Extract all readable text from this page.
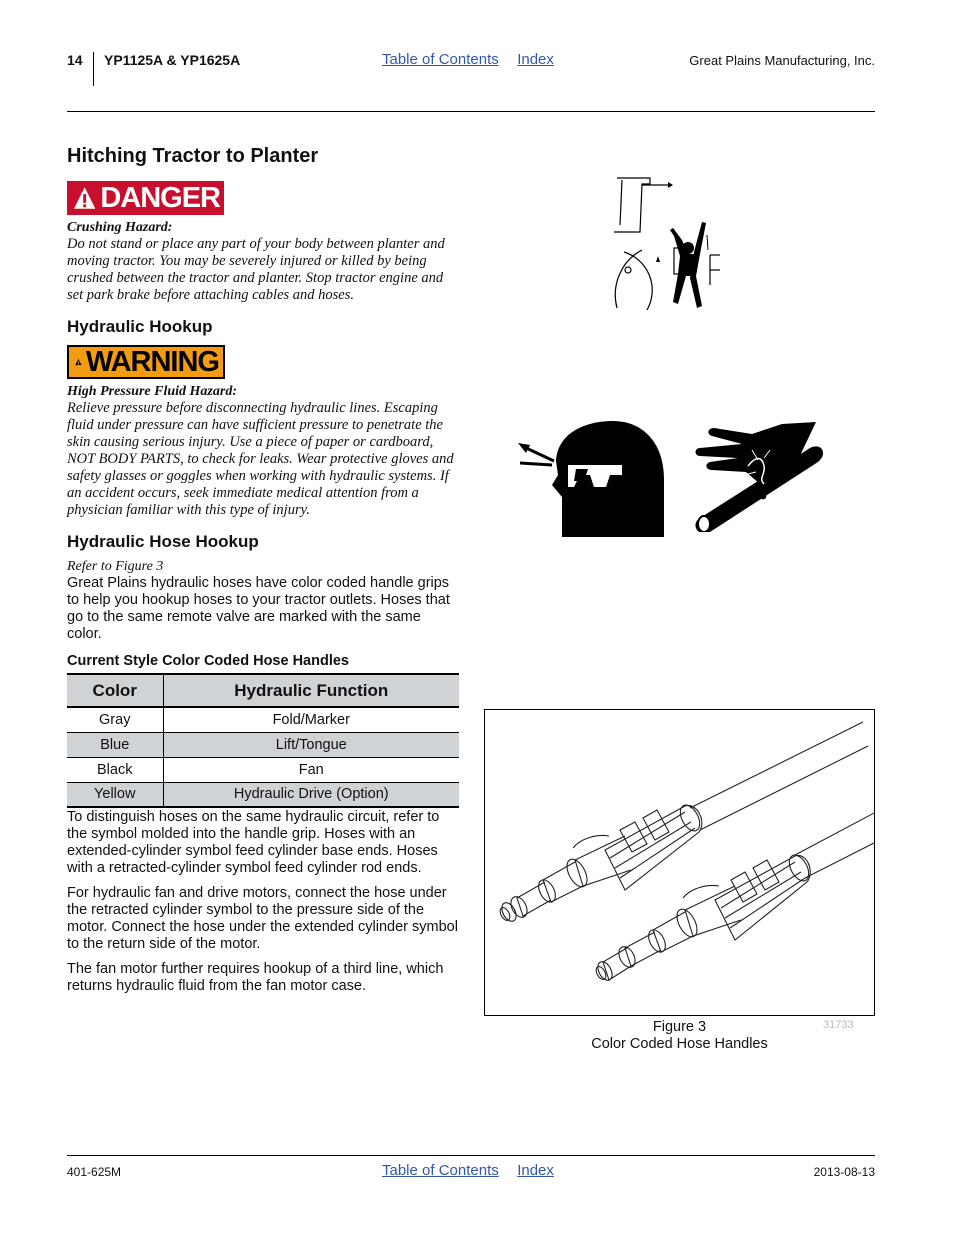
14 YP1125A & YP1625A	Table of Contents Index	Great Plains Manufacturing, Inc.
Hitching Tractor to Planter
DANGER
Crushing Hazard:
Do not stand or place any part of your body between planter and moving tractor. You may be severely injured or killed by being crushed between the tractor and planter. Stop tractor engine and set park brake before attaching cables and hoses.
Hydraulic Hookup
WARNING
High Pressure Fluid Hazard:
Relieve pressure before disconnecting hydraulic lines. Escaping fluid under pressure can have sufficient pressure to penetrate the skin causing serious injury. Use a piece of paper or cardboard, NOT BODY PARTS, to check for leaks. Wear protective gloves and safety glasses or goggles when working with hydraulic systems. If an accident occurs, seek immediate medical attention from a physician familiar with this type of injury.
Hydraulic Hose Hookup
Refer to Figure 3
Great Plains hydraulic hoses have color coded handle grips to help you hookup hoses to your tractor outlets. Hoses that go to the same remote valve are marked with the same color.
Current Style Color Coded Hose Handles
Color	Hydraulic Function
Gray	Fold/Marker
Blue	Lift/Tongue
Black	Fan
Yellow	Hydraulic Drive (Option)
To distinguish hoses on the same hydraulic circuit, refer to the symbol molded into the handle grip. Hoses with an extended-cylinder symbol feed cylinder base ends. Hoses with a retracted-cylinder symbol feed cylinder rod ends.
For hydraulic fan and drive motors, connect the hose under the retracted cylinder symbol to the pressure side of the motor. Connect the hose under the extended cylinder symbol to the return side of the motor.
The fan motor further requires hookup of a third line, which returns hydraulic fluid from the fan motor case.
Figure 3
Color Coded Hose Handles
31733
401-625M	Table of Contents Index	2013-08-13
